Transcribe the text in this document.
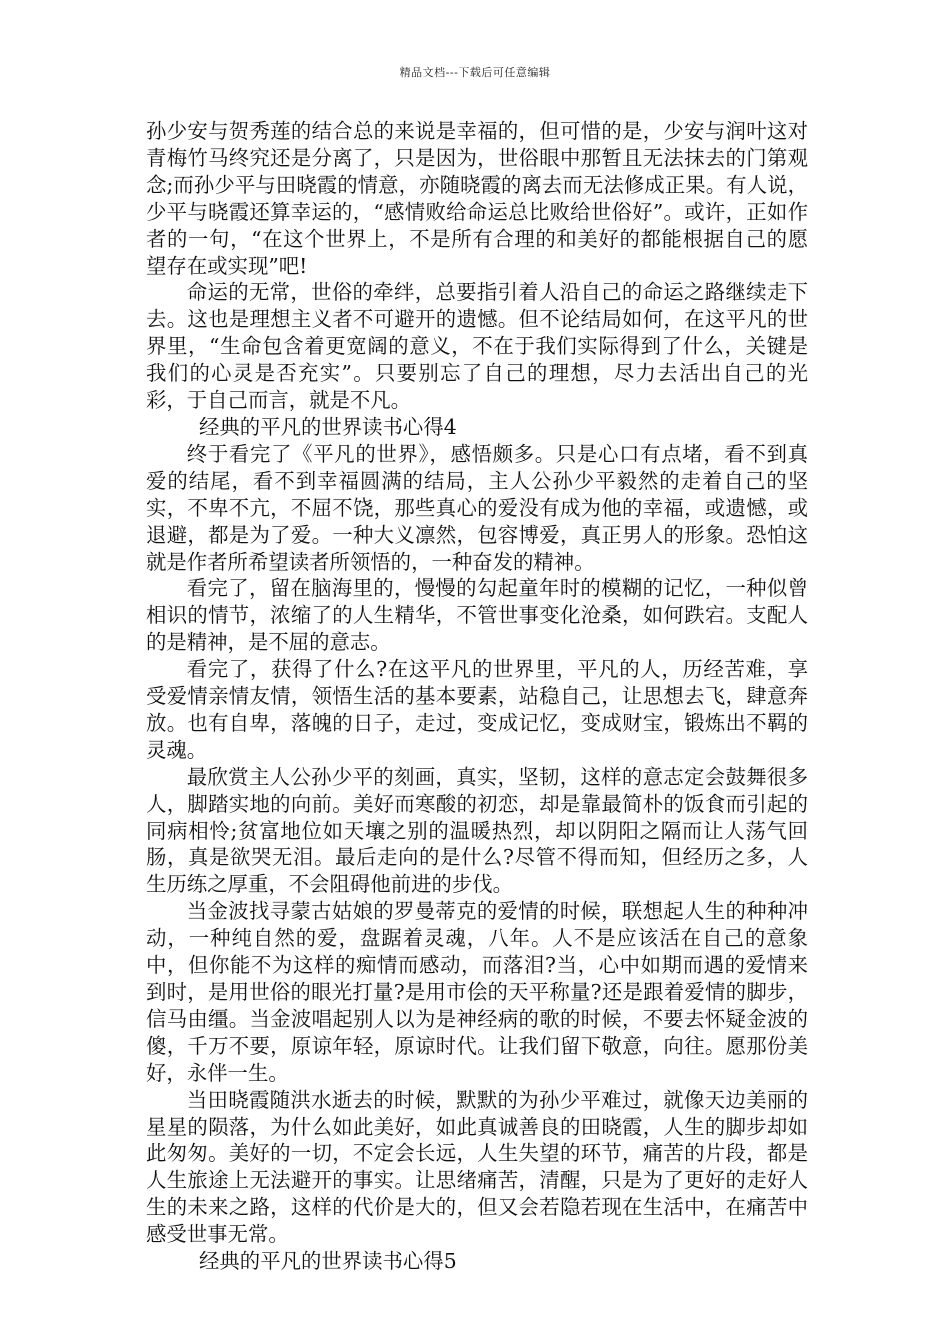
精品文档---下载后可任意编辑

孙少安与贺秀莲的结合总的来说是幸福的，但可惜的是，少安与润叶这对青梅竹马终究还是分离了，只是因为，世俗眼中那暂且无法抹去的门第观念;而孙少平与田晓霞的情意，亦随晓霞的离去而无法修成正果。有人说，少平与晓霞还算幸运的，“感情败给命运总比败给世俗好”。或许，正如作者的一句，“在这个世界上，不是所有合理的和美好的都能根据自己的愿望存在或实现”吧!

命运的无常，世俗的牵绊，总要指引着人沿自己的命运之路继续走下去。这也是理想主义者不可避开的遗憾。但不论结局如何，在这平凡的世界里，“生命包含着更宽阔的意义，不在于我们实际得到了什么，关键是我们的心灵是否充实”。只要别忘了自己的理想，尽力去活出自己的光彩，于自己而言，就是不凡。

经典的平凡的世界读书心得4

终于看完了《平凡的世界》，感悟颇多。只是心口有点堵，看不到真爱的结尾，看不到幸福圆满的结局，主人公孙少平毅然的走着自己的坚实，不卑不亢，不屈不饶，那些真心的爱没有成为他的幸福，或遗憾，或退避，都是为了爱。一种大义凛然，包容博爱，真正男人的形象。恐怕这就是作者所希望读者所领悟的，一种奋发的精神。

看完了，留在脑海里的，慢慢的勾起童年时的模糊的记忆，一种似曾相识的情节，浓缩了的人生精华，不管世事变化沧桑，如何跌宕。支配人的是精神，是不屈的意志。

看完了，获得了什么?在这平凡的世界里，平凡的人，历经苦难，享受爱情亲情友情，领悟生活的基本要素，站稳自己，让思想去飞，肆意奔放。也有自卑，落魄的日子，走过，变成记忆，变成财宝，锻炼出不羁的灵魂。

最欣赏主人公孙少平的刻画，真实，坚韧，这样的意志定会鼓舞很多人，脚踏实地的向前。美好而寒酸的初恋，却是靠最简朴的饭食而引起的同病相怜;贫富地位如天壤之别的温暖热烈，却以阴阳之隔而让人荡气回肠，真是欲哭无泪。最后走向的是什么?尽管不得而知，但经历之多，人生历练之厚重，不会阻碍他前进的步伐。

当金波找寻蒙古姑娘的罗曼蒂克的爱情的时候，联想起人生的种种冲动，一种纯自然的爱，盘踞着灵魂，八年。人不是应该活在自己的意象中，但你能不为这样的痴情而感动，而落泪?当，心中如期而遇的爱情来到时，是用世俗的眼光打量?是用市侩的天平称量?还是跟着爱情的脚步，信马由缰。当金波唱起别人以为是神经病的歌的时候，不要去怀疑金波的傻，千万不要，原谅年轻，原谅时代。让我们留下敬意，向往。愿那份美好，永伴一生。

当田晓霞随洪水逝去的时候，默默的为孙少平难过，就像天边美丽的星星的陨落，为什么如此美好，如此真诚善良的田晓霞，人生的脚步却如此匆匆。美好的一切，不定会长远，人生失望的环节，痛苦的片段，都是人生旅途上无法避开的事实。让思绪痛苦，清醒，只是为了更好的走好人生的未来之路，这样的代价是大的，但又会若隐若现在生活中，在痛苦中感受世事无常。

经典的平凡的世界读书心得5
